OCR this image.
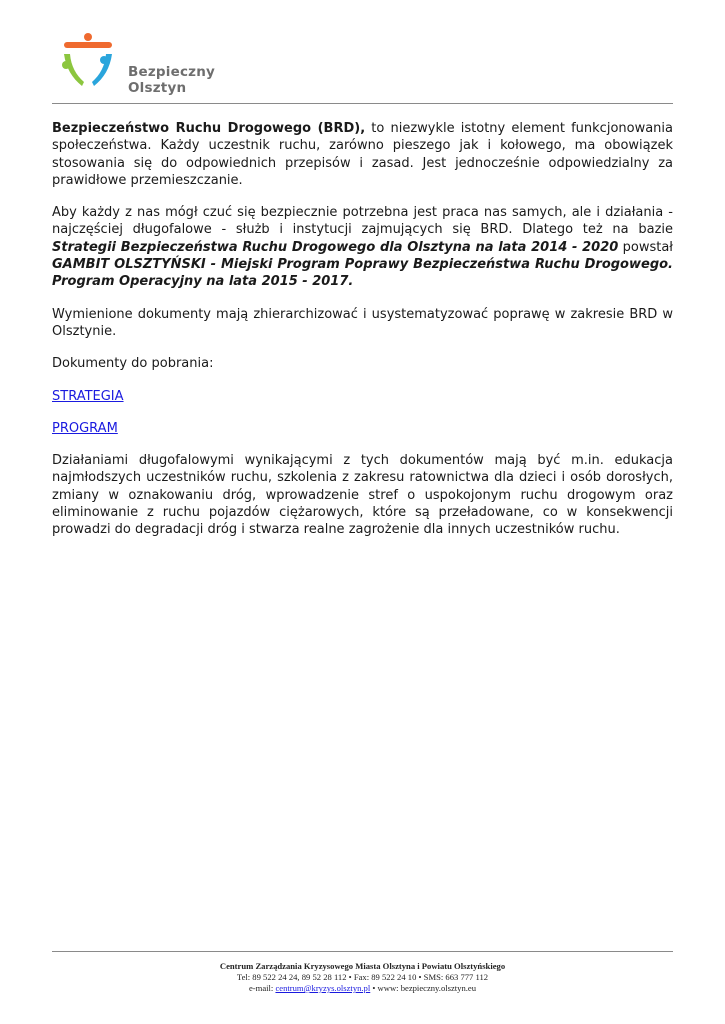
Bezpieczny
Olsztyn

Bezpieczeństwo Ruchu Drogowego (BRD), to niezwykle istotny element funkcjonowania społeczeństwa. Każdy uczestnik ruchu, zarówno pieszego jak i kołowego, ma obowiązek stosowania się do odpowiednich przepisów i zasad. Jest jednocześnie odpowiedzialny za prawidłowe przemieszczanie.

Aby każdy z nas mógł czuć się bezpiecznie potrzebna jest praca nas samych, ale i działania - najczęściej długofalowe - służb i instytucji zajmujących się BRD. Dlatego też na bazie Strategii Bezpieczeństwa Ruchu Drogowego dla Olsztyna na lata 2014 - 2020 powstał GAMBIT OLSZTYŃSKI - Miejski Program Poprawy Bezpieczeństwa Ruchu Drogowego. Program Operacyjny na lata 2015 - 2017.

Wymienione dokumenty mają zhierarchizować i usystematyzować poprawę w zakresie BRD w Olsztynie.

Dokumenty do pobrania:

STRATEGIA

PROGRAM

Działaniami długofalowymi wynikającymi z tych dokumentów mają być m.in. edukacja najmłodszych uczestników ruchu, szkolenia z zakresu ratownictwa dla dzieci i osób dorosłych, zmiany w oznakowaniu dróg, wprowadzenie stref o uspokojonym ruchu drogowym oraz eliminowanie z ruchu pojazdów ciężarowych, które są przeładowane, co w konsekwencji prowadzi do degradacji dróg i stwarza realne zagrożenie dla innych uczestników ruchu.

Centrum Zarządzania Kryzysowego Miasta Olsztyna i Powiatu Olsztyńskiego
Tel: 89 522 24 24, 89 52 28 112 • Fax: 89 522 24 10 • SMS: 663 777 112
e-mail: centrum@kryzys.olsztyn.pl • www: bezpieczny.olsztyn.eu
